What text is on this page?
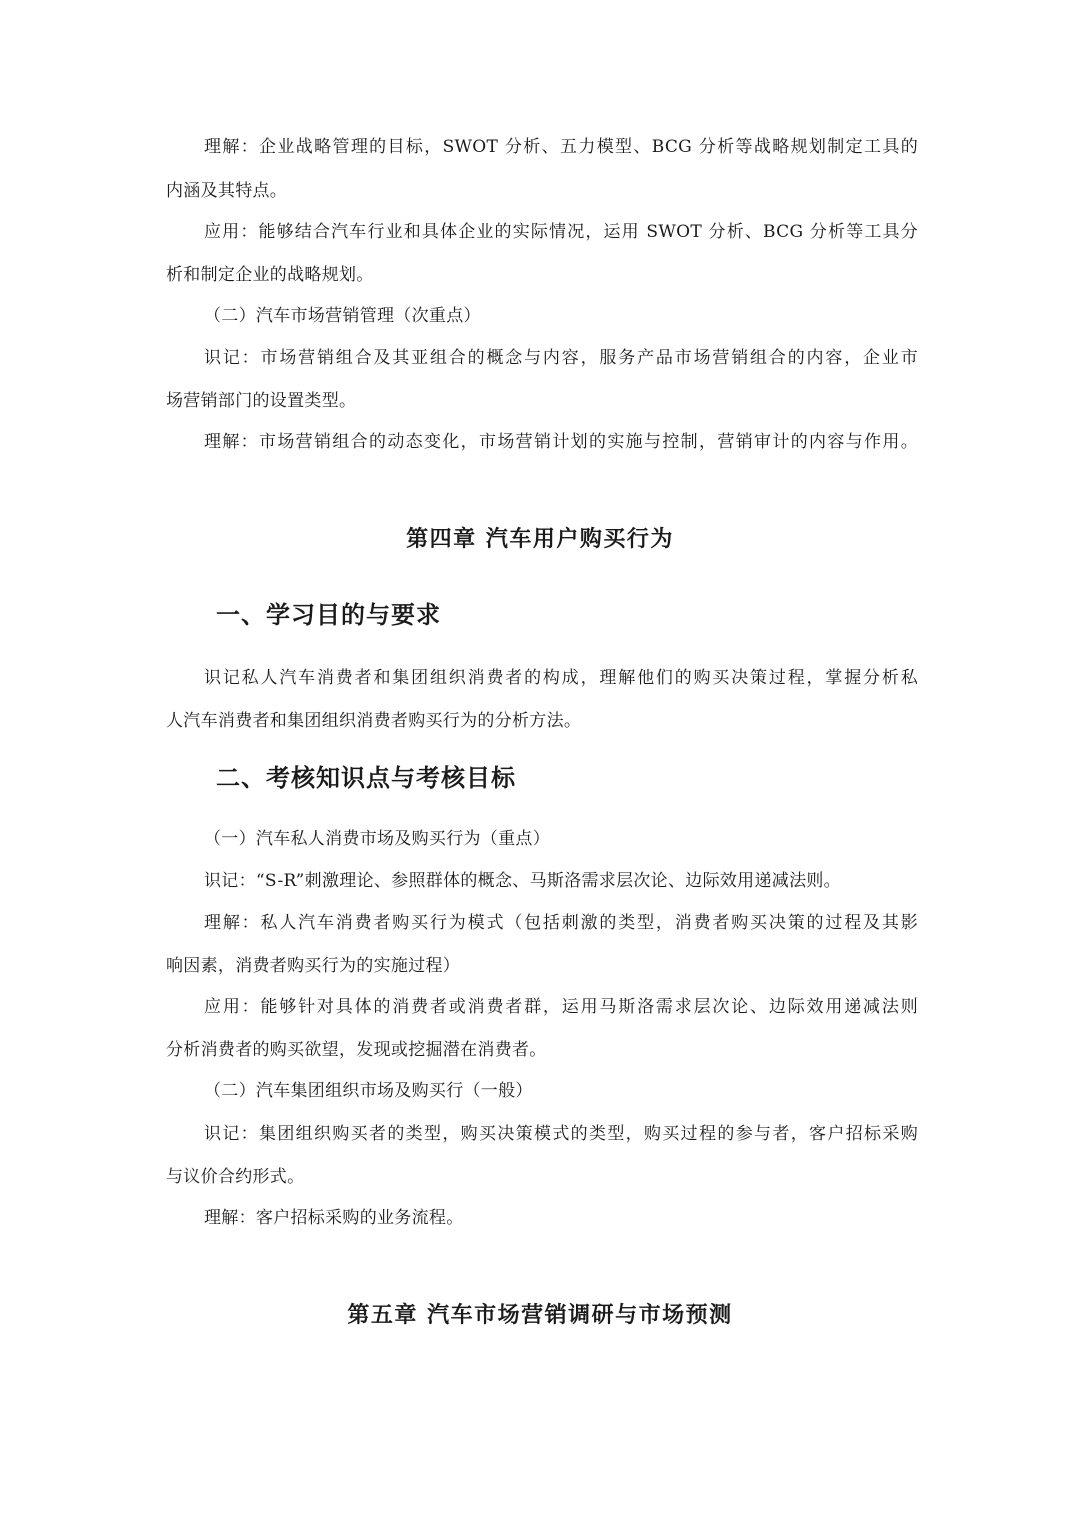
理解：企业战略管理的目标，SWOT 分析、五力模型、BCG 分析等战略规划制定工具的
内涵及其特点。
应用：能够结合汽车行业和具体企业的实际情况，运用 SWOT 分析、BCG 分析等工具分
析和制定企业的战略规划。
（二）汽车市场营销管理（次重点）
识记：市场营销组合及其亚组合的概念与内容，服务产品市场营销组合的内容，企业市
场营销部门的设置类型。
理解：市场营销组合的动态变化，市场营销计划的实施与控制，营销审计的内容与作用。
第四章 汽车用户购买行为
一、学习目的与要求
识记私人汽车消费者和集团组织消费者的构成，理解他们的购买决策过程，掌握分析私
人汽车消费者和集团组织消费者购买行为的分析方法。
二、考核知识点与考核目标
（一）汽车私人消费市场及购买行为（重点）
识记：“S-R”刺激理论、参照群体的概念、马斯洛需求层次论、边际效用递减法则。
理解：私人汽车消费者购买行为模式（包括刺激的类型，消费者购买决策的过程及其影
响因素，消费者购买行为的实施过程）
应用：能够针对具体的消费者或消费者群，运用马斯洛需求层次论、边际效用递减法则
分析消费者的购买欲望，发现或挖掘潜在消费者。
（二）汽车集团组织市场及购买行（一般）
识记：集团组织购买者的类型，购买决策模式的类型，购买过程的参与者，客户招标采购
与议价合约形式。
理解：客户招标采购的业务流程。
第五章 汽车市场营销调研与市场预测
